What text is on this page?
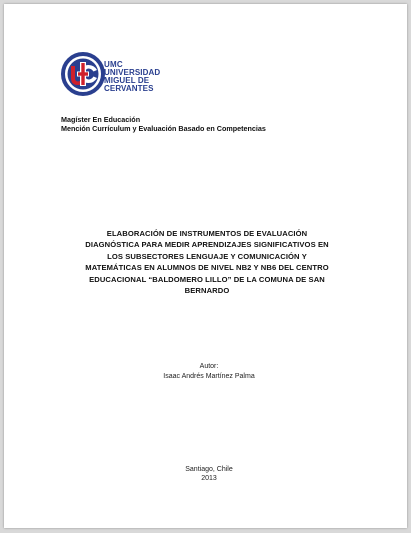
UMC
UNIVERSIDAD
MIGUEL DE CERVANTES
Magíster En Educación
Mención Currículum y Evaluación Basado en Competencias
ELABORACIÓN DE INSTRUMENTOS DE EVALUACIÓN
DIAGNÓSTICA PARA MEDIR APRENDIZAJES SIGNIFICATIVOS EN
LOS SUBSECTORES LENGUAJE Y COMUNICACIÓN Y
MATEMÁTICAS EN ALUMNOS DE NIVEL NB2 Y NB6 DEL CENTRO
EDUCACIONAL “BALDOMERO LILLO” DE LA COMUNA DE SAN
BERNARDO
Autor:
Isaac Andrés Martínez Palma
Santiago, Chile
2013
